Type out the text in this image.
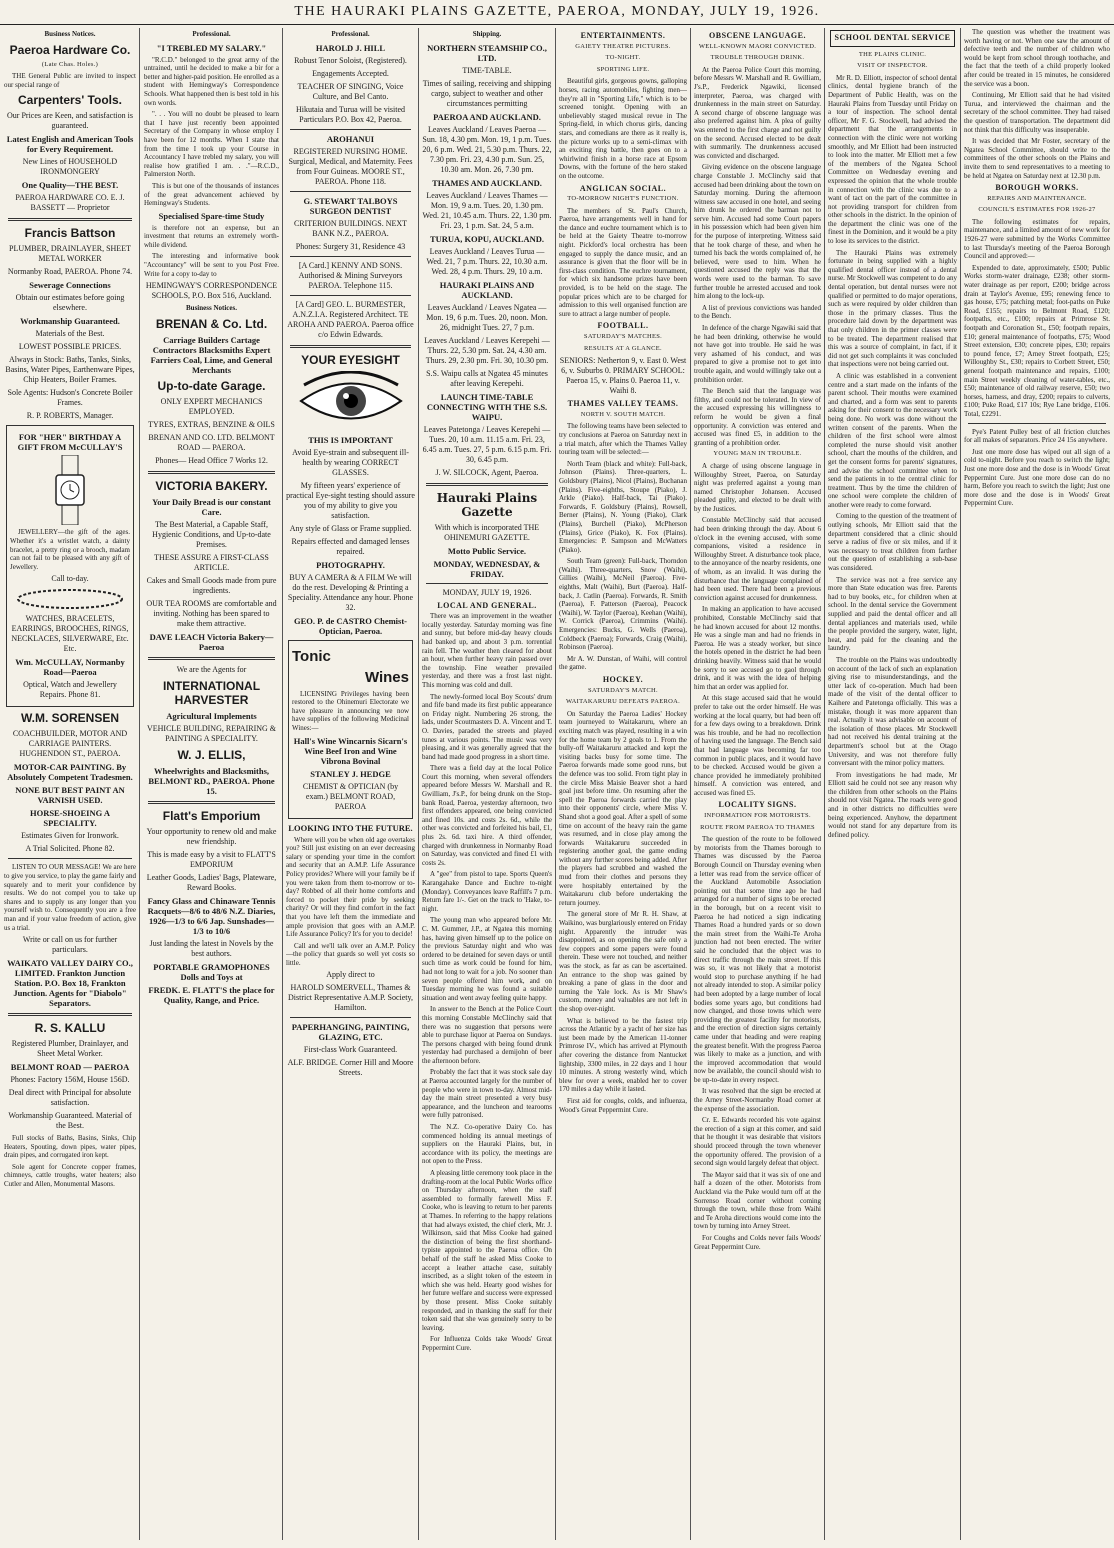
THE HAURAKI PLAINS GAZETTE, PAEROA, MONDAY, JULY 19, 1926.
Business Notices.
Paeroa Hardware Co.
(Late Chas. Holes.)

THE General Public are invited to inspect our special range of

Carpenters' Tools.
Our Prices are Keen, and satisfaction is guaranteed.
Latest English and American Tools for Every Requirement.
New Lines of HOUSEHOLD IRONMONGERY
One Quality—THE BEST.
PAEROA HARDWARE CO. E. J. BASSETT — Proprietor
Francis Battson
PLUMBER, DRAINLAYER, SHEET METAL WORKER
Normanby Road, PAEROA. Phone 74.
Sewerage Connections
Obtain our estimates before going elsewhere.
Workmanship Guaranteed.
Materials of the Best.
LOWEST POSSIBLE PRICES.
Always in Stock: Baths, Tanks, Sinks, Basins, Water Pipes, Earthenware Pipes, Chip Heaters, Boiler Frames.
Sole Agents: Hudson's Concrete Boiler Frames.
R. P. ROBERTS, Manager.
FOR "HER" BIRTHDAY A GIFT FROM McCULLAY'S

JEWELLERY—the gift of the ages. Whether it's a wristlet watch, a dainty bracelet, a pretty ring or a brooch, madam can not fail to be pleased with any gift of Jewellery.

Call to-day.
WATCHES, BRACELETS, EARRINGS, BROOCHES, RINGS, NECKLACES, SILVERWARE, Etc. Etc.
Wm. McCULLAY, Normanby Road—Paeroa
Optical, Watch and Jewellery Repairs. Phone 81.
W.M. SORENSEN
COACHBUILDER, MOTOR AND CARRIAGE PAINTERS. HUGHENDON ST., PAEROA.
MOTOR-CAR PAINTING. By Absolutely Competent Tradesmen.
NONE BUT BEST PAINT AN VARNISH USED.
HORSE-SHOEING A SPECIALITY.
Estimates Given for Ironwork.
A Trial Solicited. Phone 82.

LISTEN TO OUR MESSAGE! We are here to give you service, to play the game fairly and squarely and to merit your confidence by results. We do not compel you to take up shares and to supply us any longer than you yourself wish to. Consequently you are a free man and if your value freedom of action, give us a trial.

Write or call on us for further particulars.
WAIKATO VALLEY DAIRY CO., LIMITED. Frankton Junction Station. P.O. Box 18, Frankton Junction. Agents for "Diabolo" Separators.
R. S. KALLU
Registered Plumber, Drainlayer, and Sheet Metal Worker.
BELMONT ROAD — PAEROA
Phones: Factory 156M, House 156D.
Deal direct with Principal for absolute satisfaction.
Workmanship Guaranteed. Material of the Best.

Full stocks of Baths, Basins, Sinks, Chip Heaters, Spouting, down pipes, water pipes, drain pipes, and corrugated iron kept.

Sole agent for Concrete copper frames, chimneys, cattle troughs, water heaters; also Cutler and Allen, Monumental Masons.

Professional.
"I TREBLED MY SALARY."

"R.C.D." belonged to the great army of the untrained, until he decided to make a bir for a better and higher-paid position. He enrolled as a student with Hemingway's Correspondence Schools. What happened then is best told in his own words.

". . . You will no doubt be pleased to learn that I have just recently been appointed Secretary of the Company in whose employ I have been for 12 months. When I state that from the time I took up your Course in Accountancy I have trebled my salary, you will realise how gratified I am. . ."—R.C.D., Palmerston North.

This is but one of the thousands of instances of the great advancement achieved by Hemingway's Students.

Specialised Spare-time Study

is therefore not an expense, but an investment that returns an extremely worth-while dividend.

The interesting and informative book "Accountancy" will be sent to you Post Free. Write for a copy to-day to

HEMINGWAY'S CORRESPONDENCE SCHOOLS, P.O. Box 516, Auckland.
Business Notices.
BRENAN & Co. Ltd.
Carriage Builders Cartage Contractors Blacksmiths Expert Farriers Coal, Lime, and General Merchants
Up-to-date Garage.
ONLY EXPERT MECHANICS EMPLOYED.
TYRES, EXTRAS, BENZINE & OILS
BRENAN AND CO. LTD. BELMONT ROAD — PAEROA.
Phones— Head Office 7 Works 12.
VICTORIA BAKERY.
Your Daily Bread is our constant Care.
The Best Material, a Capable Staff, Hygienic Conditions, and Up-to-date Premises.
THESE ASSURE A FIRST-CLASS ARTICLE.
Cakes and Small Goods made from pure ingredients.
OUR TEA ROOMS are comfortable and inviting. Nothing has been spared to make them attractive.
DAVE LEACH Victoria Bakery—Paeroa
We are the Agents for
INTERNATIONAL HARVESTER
Agricultural Implements
VEHICLE BUILDING, REPAIRING & PAINTING A SPECIALITY.
W. J. ELLIS,
Wheelwrights and Blacksmiths, BELMONT RD., PAEROA. Phone 15.
Flatt's Emporium
Your opportunity to renew old and make new friendship.
This is made easy by a visit to FLATT'S EMPORIUM
Leather Goods, Ladies' Bags, Plateware, Reward Books.
Fancy Glass and Chinaware Tennis Racquets—8/6 to 48/6 N.Z. Diaries, 1926—1/3 to 6/6 Jap. Sunshades—1/3 to 10/6
Just landing the latest in Novels by the best authors.
PORTABLE GRAMOPHONES Dolls and Toys at
FREDK. E. FLATT'S the place for Quality, Range, and Price.
Professional.
HAROLD J. HILL
Robust Tenor Soloist, (Registered).
Engagements Accepted.
TEACHER OF SINGING, Voice Culture, and Bel Canto.
Hikutaia and Turua will be visited Particulars P.O. Box 42, Paeroa.
AROHANUI
REGISTERED NURSING HOME. Surgical, Medical, and Maternity. Fees from Four Guineas. MOORE ST., PAEROA. Phone 118.
G. STEWART TALBOYS SURGEON DENTIST
CRITERION BUILDINGS. NEXT BANK N.Z., PAEROA.
Phones: Surgery 31, Residence 43
[A Card.] KENNY AND SONS. Authorised & Mining Surveyors PAEROA. Telephone 115.
[A Card] GEO. L. BURMESTER, A.N.Z.I.A. Registered Architect. TE AROHA AND PAEROA. Paeroa office c/o Edwin Edwards.
YOUR EYESIGHT
THIS IS IMPORTANT
Avoid Eye-strain and subsequent ill-health by wearing CORRECT GLASSES.
My fifteen years' experience of practical Eye-sight testing should assure you of my ability to give you satisfaction.
Any style of Glass or Frame supplied.
Repairs effected and damaged lenses repaired.
PHOTOGRAPHY.
BUY A CAMERA & A FILM We will do the rest. Developing & Printing a Speciality. Attendance any hour. Phone 32.
GEO. P. de CASTRO Chemist-Optician, Paeroa.
Tonic
Wines

LICENSING Privileges having been restored to the Ohinemuri Electorate we have pleasure in announcing we now have supplies of the following Medicinal Wines:—

Hall's Wine Wincarnis Sicarn's Wine Beef Iron and Wine Vibrona Bovinal
STANLEY J. HEDGE
CHEMIST & OPTICIAN (by exam.) BELMONT ROAD, PAEROA
LOOKING INTO THE FUTURE.

Where will you be when old age overtakes you? Still just existing on an ever decreasing salary or spending your time in the comfort and security that an A.M.P. Life Assurance Policy provides? Where will your family be if you were taken from them to-morrow or to-day? Robbed of all their home comforts and forced to pocket their pride by seeking charity? Or will they find comfort in the fact that you have left them the immediate and ample provision that goes with an A.M.P. Life Assurance Policy? It's for you to decide!

Call and we'll talk over an A.M.P. Policy—the policy that guards so well yet costs so little.

Apply direct to
HAROLD SOMERVELL, Thames & District Representative A.M.P. Society, Hamilton.
PAPERHANGING, PAINTING, GLAZING, ETC.
First-class Work Guaranteed.
ALF. BRIDGE. Corner Hill and Moore Streets.
Shipping.
NORTHERN STEAMSHIP CO., LTD.
TIME-TABLE.
Times of sailing, receiving and shipping cargo, subject to weather and other circumstances permitting
PAEROA AND AUCKLAND.
Leaves Auckland / Leaves Paeroa — Sun. 18, 4.30 pm. Mon. 19, 1 p.m. Tues. 20, 6 p.m. Wed. 21, 5.30 p.m. Thurs. 22, 7.30 pm. Fri. 23, 4.30 p.m. Sun. 25, 10.30 am. Mon. 26, 7.30 pm.
THAMES AND AUCKLAND.
Leaves Auckland / Leaves Thames — Mon. 19, 9 a.m. Tues. 20, 1.30 pm. Wed. 21, 10.45 a.m. Thurs. 22, 1.30 pm. Fri. 23, 1 p.m. Sat. 24, 5 a.m.
TURUA, KOPU, AUCKLAND.
Leaves Auckland / Leaves Turua — Wed. 21, 7 p.m. Thurs. 22, 10.30 a.m. Wed. 28, 4 p.m. Thurs. 29, 10 a.m.
HAURAKI PLAINS AND AUCKLAND.
Leaves Auckland / Leaves Ngatea — Mon. 19, 6 p.m. Tues. 20, noon. Mon. 26, midnight Tues. 27, 7 p.m.
Leaves Auckland / Leaves Kerepehi — Thurs. 22, 5.30 pm. Sat. 24, 4.30 am. Thurs. 29, 2.30 pm. Fri. 30, 10.30 pm.
S.S. Waipu calls at Ngatea 45 minutes after leaving Kerepehi.
LAUNCH TIME-TABLE CONNECTING WITH THE S.S. WAIPU.
Leaves Patetonga / Leaves Kerepehi — Tues. 20, 10 a.m. 11.15 a.m. Fri. 23, 6.45 a.m. Tues. 27, 5 p.m. 6.15 p.m. Fri. 30, 6.45 p.m.
J. W. SILCOCK, Agent, Paeroa.
Hauraki Plains Gazette
With which is incorporated THE OHINEMURI GAZETTE.
Motto Public Service.
MONDAY, WEDNESDAY, & FRIDAY.
MONDAY, JULY 19, 1926.
LOCAL AND GENERAL.

There was an improvement in the weather locally yesterday. Saturday morning was fine and sunny, but before mid-day heavy clouds had banked up, and about 3 p.m. torrential rain fell. The weather then cleared for about an hour, when further heavy rain passed over the township. Fine weather prevailed yesterday, and there was a frost last night. This morning was cold and dull.

The newly-formed local Boy Scouts' drum and fife band made its first public appearance on Friday night. Numbering 26 strong, the lads, under Scoutmasters D. A. Vincent and T. O. Davies, paraded the streets and played tunes at various points. The music was very pleasing, and it was generally agreed that the band had made good progress in a short time.

There was a field day at the local Police Court this morning, when several offenders appeared before Messrs W. Marshall and R. Gwilliam, J's.P., for being drunk on the Stop-bank Road, Paeroa, yesterday afternoon, two first offenders appeared, one being convicted and fined 10s. and costs 2s. 6d., while the other was convicted and forfeited his bail, £1, plus 2s. 6d. taxi hire. A third offender, charged with drunkenness in Normanby Road on Saturday, was convicted and fined £1 with costs 2s.

A "gee" from pistol to tape. Sports Queen's Karangahake Dance and Euchre to-night (Monday). Conveyances leave Raffill's 7 p.m. Return fare 1/-. Get on the track to 'Hake, to-night.

The young man who appeared before Mr. C. M. Gummer, J.P., at Ngatea this morning has, having given himself up to the police on the previous Saturday night and who was ordered to be detained for seven days or until such time as work could be found for him, had not long to wait for a job. No sooner than seven people offered him work, and on Tuesday morning he was found a suitable situation and went away feeling quite happy.

In answer to the Bench at the Police Court this morning Constable McClinchy said that there was no suggestion that persons were able to purchase liquor at Paeroa on Sundays. The persons charged with being found drunk yesterday had purchased a demijohn of beer the afternoon before.

Probably the fact that it was stock sale day at Paeroa accounted largely for the number of people who were in town to-day. Almost mid-day the main street presented a very busy appearance, and the luncheon and tearooms were fully patronised.

The N.Z. Co-operative Dairy Co. has commenced holding its annual meetings of suppliers on the Hauraki Plains, but, in accordance with its policy, the meetings are not open to the Press.

A pleasing little ceremony took place in the drafting-room at the local Public Works office on Thursday afternoon, when the staff assembled to formally farewell Miss F. Cooke, who is leaving to return to her parents at Thames. In referring to the happy relations that had always existed, the chief clerk, Mr. J. Wilkinson, said that Miss Cooke had gained the distinction of being the first shorthand-typiste appointed to the Paeroa office. On behalf of the staff he asked Miss Cooke to accept a leather attache case, suitably inscribed, as a slight token of the esteem in which she was held. Hearty good wishes for her future welfare and success were expressed by those present. Miss Cooke suitably responded, and in thanking the staff for their token said that she was genuinely sorry to be leaving.

For Influenza Colds take Woods' Great Peppermint Cure.

ENTERTAINMENTS.
GAIETY THEATRE PICTURES.
TO-NIGHT.
SPORTING LIFE.

Beautiful girls, gorgeous gowns, galloping horses, racing automobiles, fighting men—they're all in "Sporting Life," which is to be screened tonight. Opening with an unbelievably staged musical revue in The Spring-field, in which chorus girls, dancing stars, and comedians are there as it really is, the picture works up to a semi-climax with an exciting ring battle, then goes on to a whirlwind finish in a horse race at Epsom Downs, with the fortune of the hero staked on the outcome.

ANGLICAN SOCIAL.
TO-MORROW NIGHT'S FUNCTION.

The members of St. Paul's Church, Paeroa, have arrangements well in hand for the dance and euchre tournament which is to be held at the Gaiety Theatre to-morrow night. Pickford's local orchestra has been engaged to supply the dance music, and an assurance is given that the floor will be in first-class condition. The euchre tournament, for which six handsome prizes have been provided, is to be held on the stage. The popular prices which are to be charged for admission to this well organised function are sure to attract a large number of people.

FOOTBALL.
SATURDAY'S MATCHES.
RESULTS AT A GLANCE.
SENIORS: Netherton 9, v. East 0. West 6, v. Suburbs 0. PRIMARY SCHOOL: Paeroa 15, v. Plains 0. Paeroa 11, v. Waihi 8.
THAMES VALLEY TEAMS.
NORTH V. SOUTH MATCH.

The following teams have been selected to try conclusions at Paeroa on Saturday next in a trial match, after which the Thames Valley touring team will be selected:—

North Team (black and white): Full-back, Johnson (Plains). Three-quarters, L. Goldsbury (Plains), Nicol (Plains), Buchanan (Plains). Five-eighths, Stoupe (Piako), J. Arkle (Piako). Half-back, Tai (Piako). Forwards, F. Goldsbury (Plains), Rowsell, Berner (Plains), N. Young (Piako), Clark (Plains), Burchell (Piako), McPherson (Plains), Grice (Piako), K. Fox (Plains). Emergencies: P. Sampson and McWatters (Piako).

South Team (green): Full-back, Thorndon (Waihi). Three-quarters, Snow (Waihi), Gillies (Waihi), McNeil (Paeroa). Five-eighths, Malt (Waihi), Burt (Paeroa). Half-back, J. Catlin (Paeroa). Forwards, R. Smith (Paeroa), F. Patterson (Paeroa), Peacock (Waihi), W. Taylor (Paeroa), Keehan (Waihi), W. Corrick (Paeroa), Crimmins (Waihi). Emergencies: Bucks, G. Wells (Paeroa), Coldbeck (Paeroa); Forwards, Craig (Waihi), Robinson (Paeroa).

Mr A. W. Dunstan, of Waihi, will control the game.

HOCKEY.
SATURDAY'S MATCH.
WAITAKARURU DEFEATS PAEROA.

On Saturday the Paeroa Ladies' Hockey team journeyed to Waitakaruru, where an exciting match was played, resulting in a win for the home team by 2 goals to 1. From the bully-off Waitakaruru attacked and kept the visiting backs busy for some time. The Paeroa forwards made some good runs, but the defence was too solid. From tight play in the circle Miss Maisie Beaver shot a hard goal just before time. On resuming after the spell the Paeroa forwards carried the play into their opponents' circle, where Miss V. Shand shot a good goal. After a spell of some time on account of the heavy rain the game was resumed, and in close play among the forwards Waitakaruru succeeded in registering another goal, the game ending without any further scores being added. After the players had scrubbed and washed the mud from their clothes and persons they were hospitably entertained by the Waitakaruru club before undertaking the return journey.

The general store of Mr R. H. Shaw, at Waikino, was burglariously entered on Friday night. Apparently the intruder was disappointed, as on opening the safe only a few coppers and some papers were found therein. These were not touched, and neither was the stock, as far as can be ascertained. An entrance to the shop was gained by breaking a pane of glass in the door and turning the Yale lock. As is Mr Shaw's custom, money and valuables are not left in the shop over-night.

What is believed to be the fastest trip across the Atlantic by a yacht of her size has just been made by the American 11-tonner Primrose IV., which has arrived at Plymouth after covering the distance from Nantucket lightship, 3300 miles, in 22 days and 1 hour 10 minutes. A strong westerly wind, which blew for over a week, enabled her to cover 170 miles a day while it lasted.

First aid for coughs, colds, and influenza, Wood's Great Peppermint Cure.

OBSCENE LANGUAGE.
WELL-KNOWN MAORI CONVICTED.
TROUBLE THROUGH DRINK.

At the Paeroa Police Court this morning, before Messrs W. Marshall and R. Gwilliam, J's.P., Frederick Ngawiki, licensed interpreter, Paeroa, was charged with drunkenness in the main street on Saturday. A second charge of obscene language was also preferred against him. A plea of guilty was entered to the first charge and not guilty on the second. Accused elected to be dealt with summarily. The drunkenness accused was convicted and discharged.

Giving evidence on the obscene language charge Constable J. McClinchy said that accused had been drinking about the town on Saturday morning. During the afternoon witness saw accused in one hotel, and seeing him drunk he ordered the barman not to serve him. Accused had some Court papers in his possession which had been given him for the purpose of interpreting. Witness said that he took charge of these, and when he turned his back the words complained of, he believed, were used to him. When he questioned accused the reply was that the words were used to the barman. To save further trouble he arrested accused and took him along to the lock-up.

A list of previous convictions was handed to the Bench.

In defence of the charge Ngawiki said that he had been drinking, otherwise he would not have got into trouble. He said he was very ashamed of his conduct, and was prepared to give a promise not to get into trouble again, and would willingly take out a prohibition order.

The Bench said that the language was filthy, and could not be tolerated. In view of the accused expressing his willingness to reform he would be given a final opportunity. A conviction was entered and accused was fined £5, in addition to the granting of a prohibition order.

YOUNG MAN IN TROUBLE.

A charge of using obscene language in Willoughby Street, Paeroa, on Saturday night was preferred against a young man named Christopher Johansen. Accused pleaded guilty, and elected to be dealt with by the Justices.

Constable McClinchy said that accused had been drinking through the day. About 6 o'clock in the evening accused, with some companions, visited a residence in Willoughby Street. A disturbance took place, to the annoyance of the nearby residents, one of whom, as an invalid. It was during the disturbance that the language complained of had been used. There had been a previous conviction against accused for drunkenness.

In making an application to have accused prohibited, Constable McClinchy said that he had known accused for about 12 months. He was a single man and had no friends in Paeroa. He was a steady worker, but since the hotels opened in the district he had been drinking heavily. Witness said that he would be sorry to see accused go to gaol through drink, and it was with the idea of helping him that an order was applied for.

At this stage accused said that he would prefer to take out the order himself. He was working at the local quarry, but had been off for a few days owing to a breakdown. Drink was his trouble, and he had no recollection of having used the language. The Bench said that bad language was becoming far too common in public places, and it would have to be checked. Accused would be given a chance provided he immediately prohibited himself. A conviction was entered, and accused was fined £5.

LOCALITY SIGNS.
INFORMATION FOR MOTORISTS.
ROUTE FROM PAEROA TO THAMES

The question of the route to be followed by motorists from the Thames borough to Thames was discussed by the Paeroa Borough Council on Thursday evening when a letter was read from the service officer of the Auckland Automobile Association pointing out that some time ago he had arranged for a number of signs to be erected in the borough, but on a recent visit to Paeroa he had noticed a sign indicating Thames Road a hundred yards or so down the main street from the Waihi-Te Aroha junction had not been erected. The writer said he concluded that the object was to direct traffic through the main street. If this was so, it was not likely that a motorist would stop to purchase anything if he had not already intended to stop. A similar policy had been adopted by a large number of local bodies some years ago, but conditions had now changed, and those towns which were providing the greatest facility for motorists, and the erection of direction signs certainly came under that heading and were reaping the greatest benefit. With the progress Paeroa was likely to make as a junction, and with the improved accommodation that would now be available, the council should wish to be up-to-date in every respect.

It was resolved that the sign be erected at the Arney Street-Normanby Road corner at the expense of the association.

Cr. E. Edwards recorded his vote against the erection of a sign at this corner, and said that he thought it was desirable that visitors should proceed through the town whenever the opportunity offered. The provision of a second sign would largely defeat that object.

The Mayor said that it was six of one and half a dozen of the other. Motorists from Auckland via the Puke would turn off at the Sorrenso Road corner without coming through the town, while those from Waihi and Te Aroha directions would come into the town by turning into Arney Street.

For Coughs and Colds never fails Woods' Great Peppermint Cure.

SCHOOL DENTAL SERVICE
THE PLAINS CLINIC.
VISIT OF INSPECTOR.

Mr R. D. Elliott, inspector of school dental clinics, dental hygiene branch of the Department of Public Health, was on the Hauraki Plains from Tuesday until Friday on a tour of inspection. The school dental officer, Mr F. G. Stockwell, had advised the department that the arrangements in connection with the clinic were not working smoothly, and Mr Elliott had been instructed to look into the matter. Mr Elliott met a few of the members of the Ngatea School Committee on Wednesday evening and expressed the opinion that the whole trouble in connection with the clinic was due to a want of tact on the part of the committee in not providing transport for children from other schools in the district. In the opinion of the department the clinic was one of the finest in the Dominion, and it would be a pity to lose its services to the district.

The Hauraki Plains was extremely fortunate in being supplied with a highly qualified dental officer instead of a dental nurse. Mr Stockwell was competent to do any dental operation, but dental nurses were not qualified or permitted to do major operations, such as were required by older children than those in the primary classes. Thus the procedure laid down by the department was that only children in the primer classes were to be treated. The department realised that this was a source of complaint, in fact, if it did not get such complaints it was concluded that inspections were not being carried out.

A clinic was established in a convenient centre and a start made on the infants of the parent school. Their mouths were examined and charted, and a form was sent to parents asking for their consent to the necessary work being done. No work was done without the written consent of the parents. When the children of the first school were almost completed the nurse should visit another school, chart the mouths of the children, and get the consent forms for parents' signatures, and advise the school committee when to send the patients in to the central clinic for treatment. Thus by the time the children of one school were complete the children of another were ready to come forward.

Coming to the question of the treatment of outlying schools, Mr Elliott said that the department considered that a clinic should serve a radius of five or six miles, and if it was necessary to treat children from farther out the question of establishing a sub-base was considered.

The service was not a free service any more than State education was free. Parents had to buy books, etc., for children when at school. In the dental service the Government supplied and paid the dental officer and all dental appliances and materials used, while the people provided the surgery, water, light, heat, and paid for the cleaning and the laundry.

The trouble on the Plains was undoubtedly on account of the lack of such an explanation giving rise to misunderstandings, and the utter lack of co-operation. Much had been made of the visit of the dental officer to Kaihere and Patetonga officially. This was a mistake, though it was more apparent than real. Actually it was advisable on account of the isolation of those places. Mr Stockwell had not received his dental training at the department's school but at the Otago University, and was not therefore fully conversant with the minor policy matters.

From investigations he had made, Mr Elliott said he could not see any reason why the children from other schools on the Plains should not visit Ngatea. The roads were good and in other districts no difficulties were being experienced. Anyhow, the department would not stand for any departure from its defined policy.

The question was whether the treatment was worth having or not. When one saw the amount of defective teeth and the number of children who would be kept from school through toothache, and the fact that the teeth of a child properly looked after could be treated in 15 minutes, he considered the service was a boon.

Continuing, Mr Elliott said that he had visited Turua, and interviewed the chairman and the secretary of the school committee. They had raised the question of transportation. The department did not think that this difficulty was insuperable.

It was decided that Mr Foster, secretary of the Ngatea School Committee, should write to the committees of the other schools on the Plains and invite them to send representatives to a meeting to be held at Ngatea on Saturday next at 12.30 p.m.

BOROUGH WORKS.
REPAIRS AND MAINTENANCE.
COUNCIL'S ESTIMATES FOR 1926-27

The following estimates for repairs, maintenance, and a limited amount of new work for 1926-27 were submitted by the Works Committee to last Thursday's meeting of the Paeroa Borough Council and approved:—

Expended to date, approximately, £500; Public Works storm-water drainage, £238; other storm-water drainage as per report, £200; bridge across drain at Taylor's Avenue, £95; renewing fence to gas house, £75; patching metal; foot-paths on Puke Road, £155; repairs to Belmont Road, £120; footpaths, etc., £100; repairs at Primrose St. footpath and Coronation St., £50; footpath repairs, £10; general maintenance of footpaths, £75; Wood Street extension, £30; concrete pipes, £30; repairs to pound fence, £7; Arney Street footpath, £25; Willoughby St., £30; repairs to Corbett Street, £50; general footpath maintenance and repairs, £100; main Street weekly cleaning of water-tables, etc., £50; maintenance of old railway reserve, £50; two horses, harness, and dray, £200; repairs to culverts, £100; Puke Road, £17 10s; Rye Lane bridge, £106. Total, £2291.

Pye's Patent Pulley best of all friction clutches for all makes of separators. Price 24 15s anywhere.

Just one more dose has wiped out all sign of a cold to-night. Before you reach to switch the light; Just one more dose and the dose is in Woods' Great Peppermint Cure. Just one more dose can do no harm, Before you reach to switch the light; Just one more dose and the dose is in Woods' Great Peppermint Cure.
